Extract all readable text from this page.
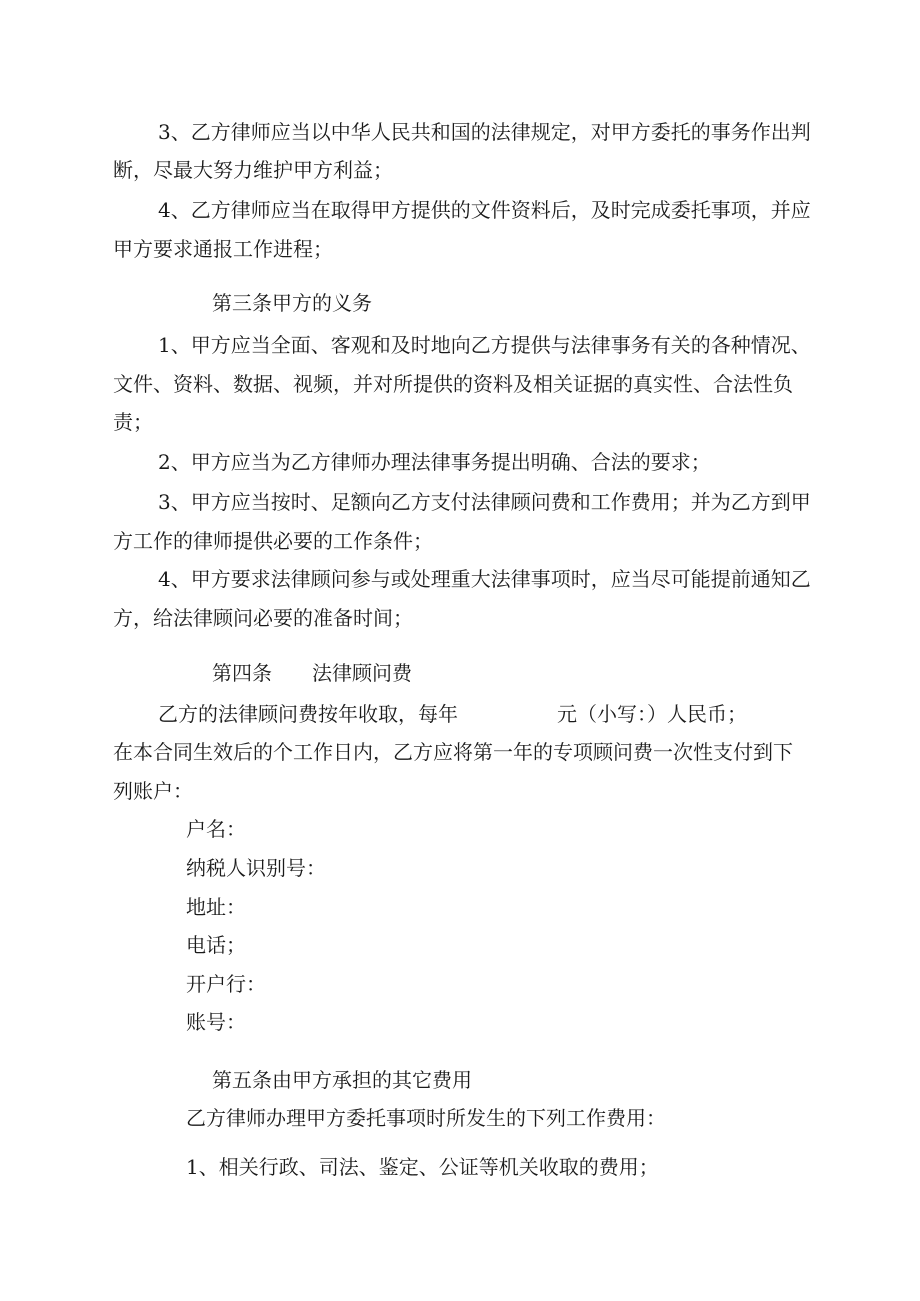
3、乙方律师应当以中华人民共和国的法律规定，对甲方委托的事务作出判
断，尽最大努力维护甲方利益；
4、乙方律师应当在取得甲方提供的文件资料后，及时完成委托事项，并应
甲方要求通报工作进程；
第三条甲方的义务
1、甲方应当全面、客观和及时地向乙方提供与法律事务有关的各种情况、
文件、资料、数据、视频，并对所提供的资料及相关证据的真实性、合法性负
责；
2、甲方应当为乙方律师办理法律事务提出明确、合法的要求；
3、甲方应当按时、足额向乙方支付法律顾问费和工作费用；并为乙方到甲
方工作的律师提供必要的工作条件；
4、甲方要求法律顾问参与或处理重大法律事项时，应当尽可能提前通知乙
方，给法律顾问必要的准备时间；
第四条 法律顾问费
乙方的法律顾问费按年收取，每年	元（小写：）人民币；
在本合同生效后的个工作日内，乙方应将第一年的专项顾问费一次性支付到下
列账户：
户名：
纳税人识别号：
地址：
电话；
开户行：
账号：
第五条由甲方承担的其它费用
乙方律师办理甲方委托事项时所发生的下列工作费用：
1、相关行政、司法、鉴定、公证等机关收取的费用；
